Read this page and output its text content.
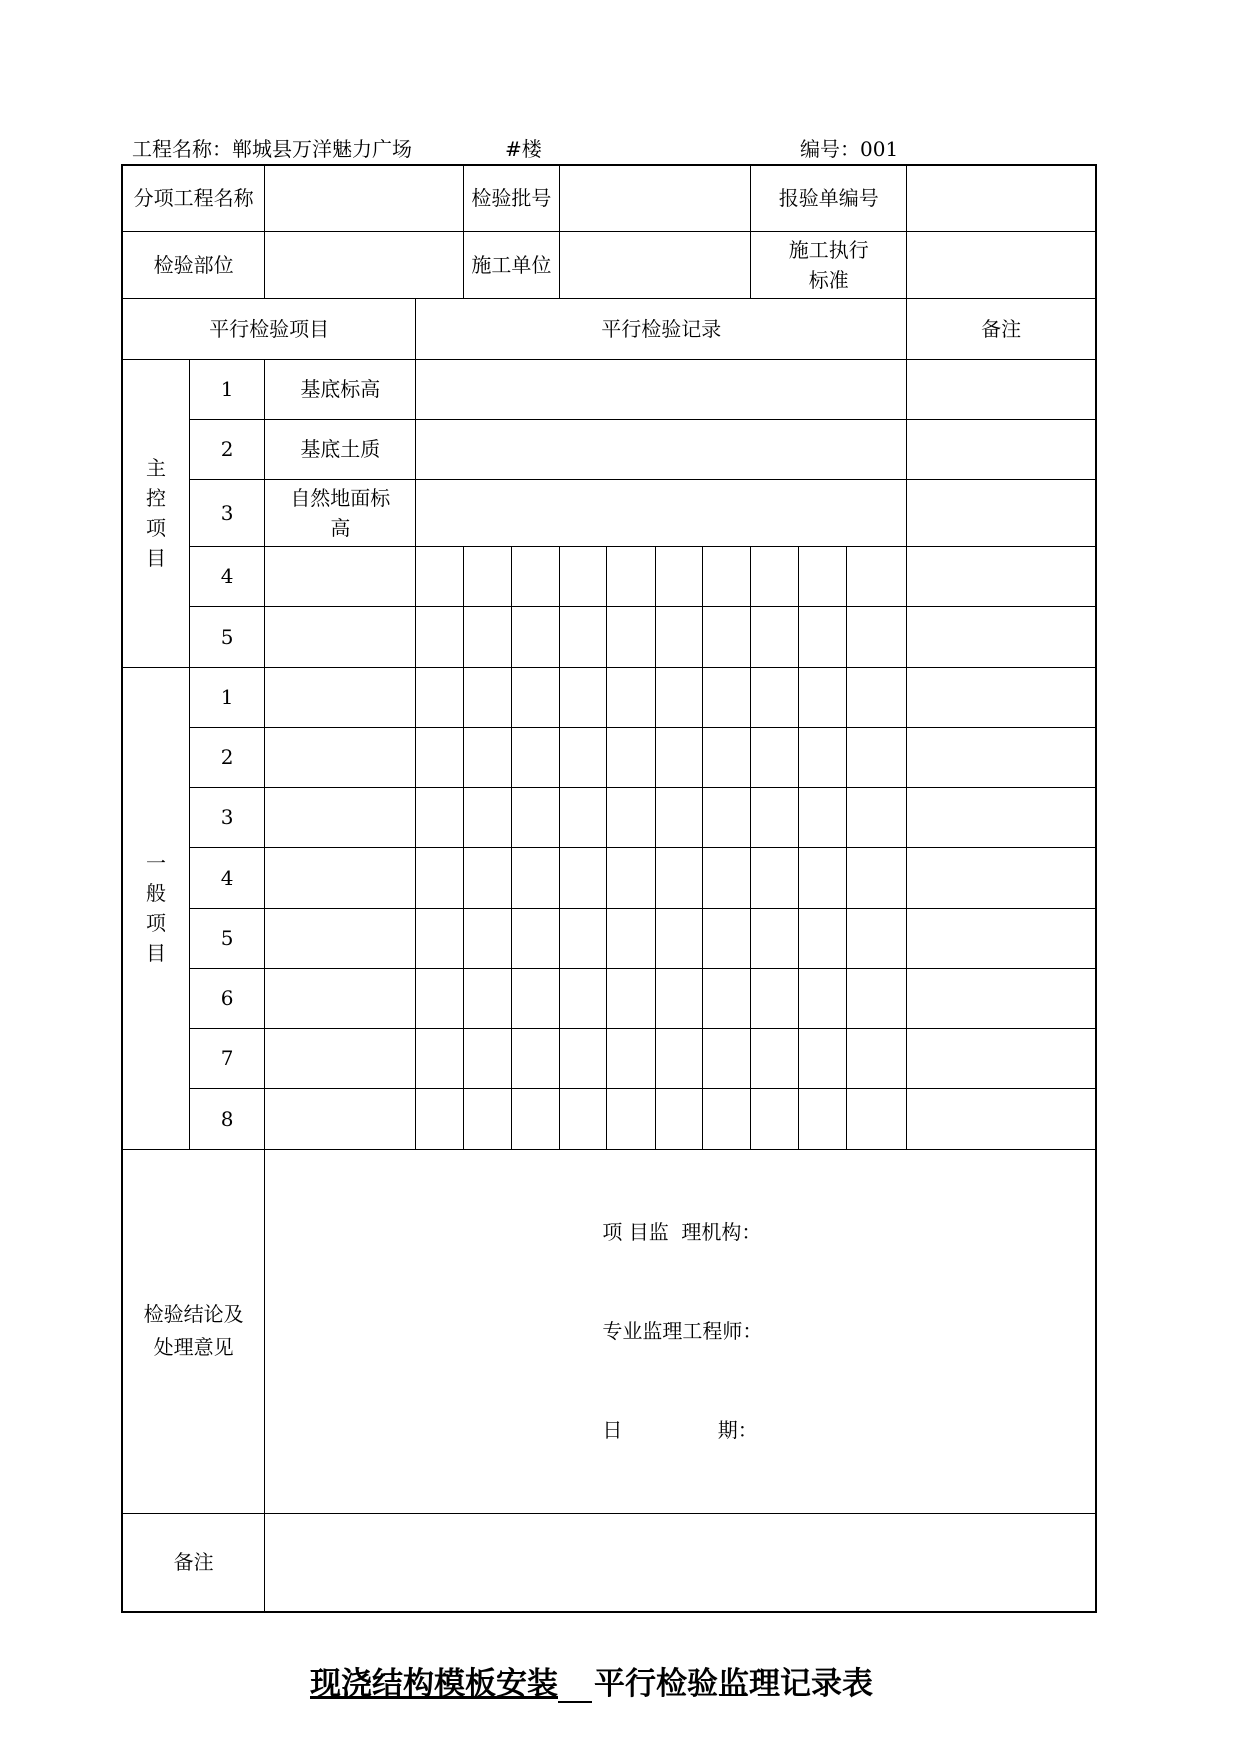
工程名称：郸城县万洋魅力广场	#楼	编号：001
分项工程名称				检验批号						报验单编号			

检验部位				施工单位						施工执行标准			

平行检验项目			平行检验记录										备注

主控项目	1	基底标高											
	2	基底土质											
	3	自然地面标高											

	4												
	5												

一般项目	1												
	2												
	3												
	4												
	5												
	6												
	7												
	8												

检验结论及处理意见		项 目监  理机构：

专业监理工程师：

日               期：											

备注													
现浇结构模板安装 平行检验监理记录表
